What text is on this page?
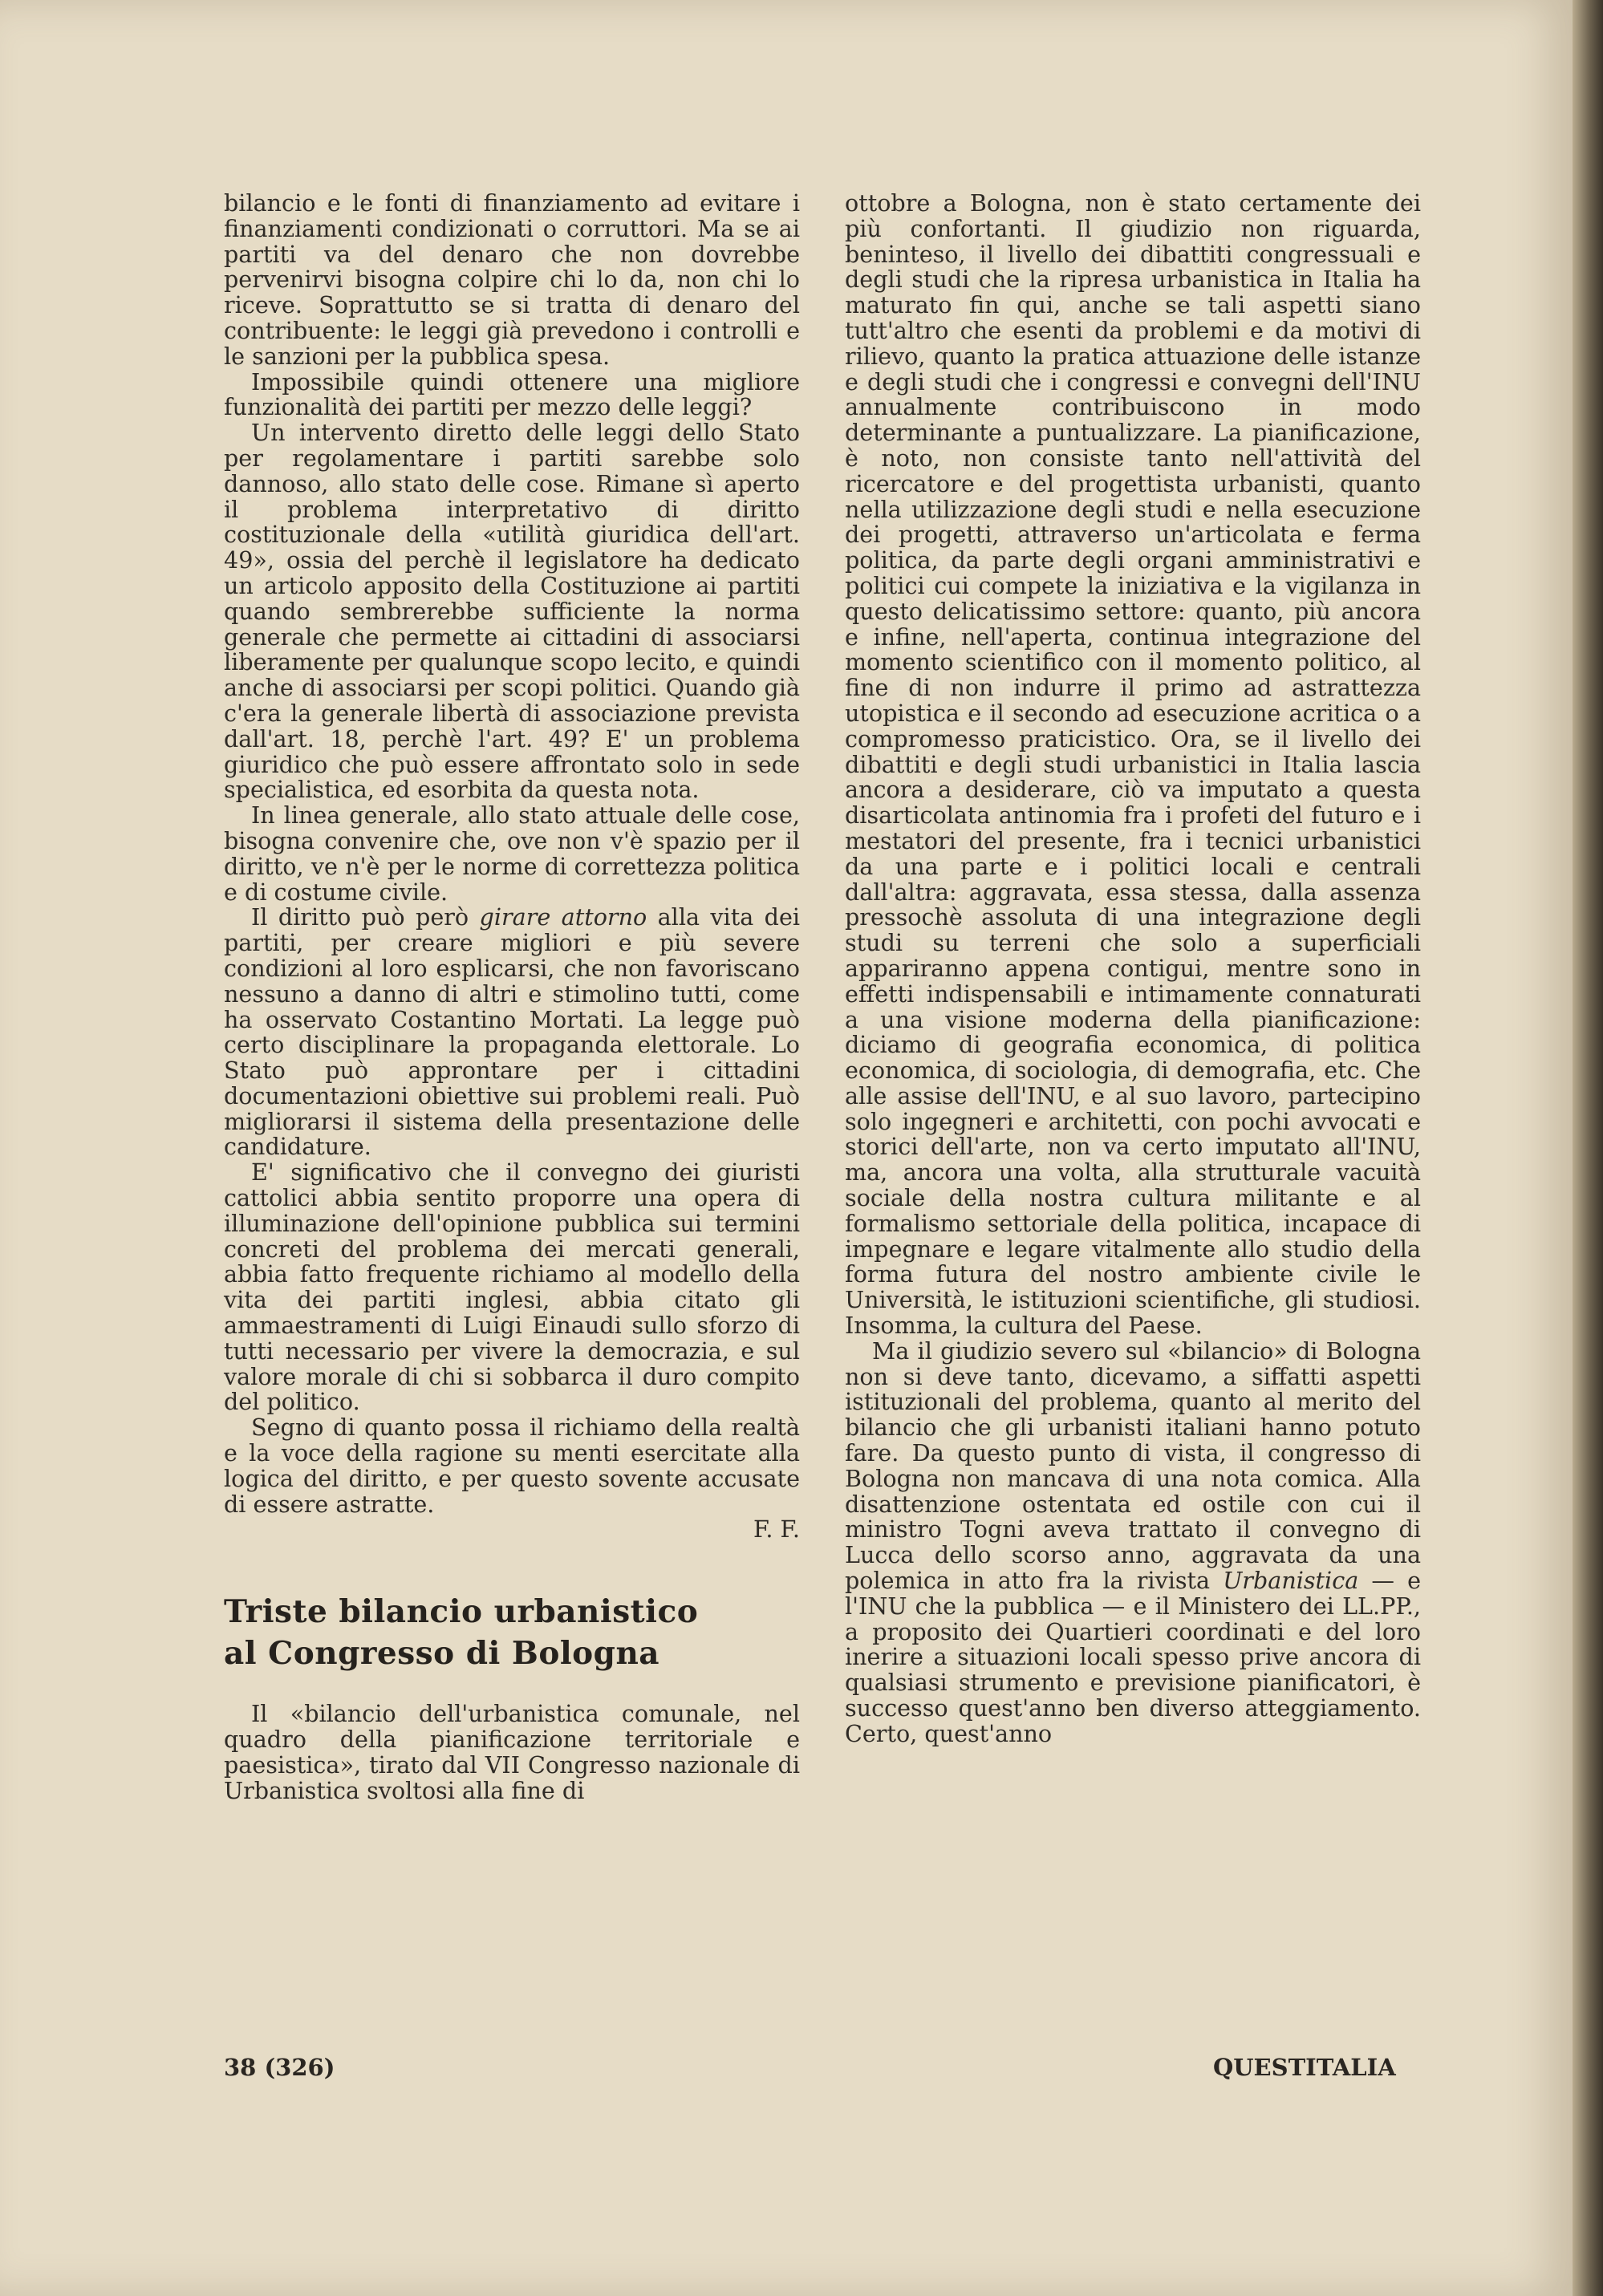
bilancio e le fonti di finanziamento ad evitare i finanziamenti condizionati o corruttori. Ma se ai partiti va del denaro che non dovrebbe pervenirvi bisogna colpire chi lo da, non chi lo riceve. Soprattutto se si tratta di denaro del contribuente: le leggi già prevedono i controlli e le sanzioni per la pubblica spesa.

Impossibile quindi ottenere una migliore funzionalità dei partiti per mezzo delle leggi?

Un intervento diretto delle leggi dello Stato per regolamentare i partiti sarebbe solo dannoso, allo stato delle cose. Rimane sì aperto il problema interpretativo di diritto costituzionale della «utilità giuridica dell'art. 49», ossia del perchè il legislatore ha dedicato un articolo apposito della Costituzione ai partiti quando sembrerebbe sufficiente la norma generale che permette ai cittadini di associarsi liberamente per qualunque scopo lecito, e quindi anche di associarsi per scopi politici. Quando già c'era la generale libertà di associazione prevista dall'art. 18, perchè l'art. 49? E' un problema giuridico che può essere affrontato solo in sede specialistica, ed esorbita da questa nota.

In linea generale, allo stato attuale delle cose, bisogna convenire che, ove non v'è spazio per il diritto, ve n'è per le norme di correttezza politica e di costume civile.

Il diritto può però girare attorno alla vita dei partiti, per creare migliori e più severe condizioni al loro esplicarsi, che non favoriscano nessuno a danno di altri e stimolino tutti, come ha osservato Costantino Mortati. La legge può certo disciplinare la propaganda elettorale. Lo Stato può approntare per i cittadini documentazioni obiettive sui problemi reali. Può migliorarsi il sistema della presentazione delle candidature.

E' significativo che il convegno dei giuristi cattolici abbia sentito proporre una opera di illuminazione dell'opinione pubblica sui termini concreti del problema dei mercati generali, abbia fatto frequente richiamo al modello della vita dei partiti inglesi, abbia citato gli ammaestramenti di Luigi Einaudi sullo sforzo di tutti necessario per vivere la democrazia, e sul valore morale di chi si sobbarca il duro compito del politico.

Segno di quanto possa il richiamo della realtà e la voce della ragione su menti esercitate alla logica del diritto, e per questo sovente accusate di essere astratte.

F. F.

Triste bilancio urbanistico
al Congresso di Bologna

Il «bilancio dell'urbanistica comunale, nel quadro della pianificazione territoriale e paesistica», tirato dal VII Congresso nazionale di Urbanistica svoltosi alla fine di

ottobre a Bologna, non è stato certamente dei più confortanti. Il giudizio non riguarda, beninteso, il livello dei dibattiti congressuali e degli studi che la ripresa urbanistica in Italia ha maturato fin qui, anche se tali aspetti siano tutt'altro che esenti da problemi e da motivi di rilievo, quanto la pratica attuazione delle istanze e degli studi che i congressi e convegni dell'INU annualmente contribuiscono in modo determinante a puntualizzare. La pianificazione, è noto, non consiste tanto nell'attività del ricercatore e del progettista urbanisti, quanto nella utilizzazione degli studi e nella esecuzione dei progetti, attraverso un'articolata e ferma politica, da parte degli organi amministrativi e politici cui compete la iniziativa e la vigilanza in questo delicatissimo settore: quanto, più ancora e infine, nell'aperta, continua integrazione del momento scientifico con il momento politico, al fine di non indurre il primo ad astrattezza utopistica e il secondo ad esecuzione acritica o a compromesso praticistico. Ora, se il livello dei dibattiti e degli studi urbanistici in Italia lascia ancora a desiderare, ciò va imputato a questa disarticolata antinomia fra i profeti del futuro e i mestatori del presente, fra i tecnici urbanistici da una parte e i politici locali e centrali dall'altra: aggravata, essa stessa, dalla assenza pressochè assoluta di una integrazione degli studi su terreni che solo a superficiali appariranno appena contigui, mentre sono in effetti indispensabili e intimamente connaturati a una visione moderna della pianificazione: diciamo di geografia economica, di politica economica, di sociologia, di demografia, etc. Che alle assise dell'INU, e al suo lavoro, partecipino solo ingegneri e architetti, con pochi avvocati e storici dell'arte, non va certo imputato all'INU, ma, ancora una volta, alla strutturale vacuità sociale della nostra cultura militante e al formalismo settoriale della politica, incapace di impegnare e legare vitalmente allo studio della forma futura del nostro ambiente civile le Università, le istituzioni scientifiche, gli studiosi. Insomma, la cultura del Paese.

Ma il giudizio severo sul «bilancio» di Bologna non si deve tanto, dicevamo, a siffatti aspetti istituzionali del problema, quanto al merito del bilancio che gli urbanisti italiani hanno potuto fare. Da questo punto di vista, il congresso di Bologna non mancava di una nota comica. Alla disattenzione ostentata ed ostile con cui il ministro Togni aveva trattato il convegno di Lucca dello scorso anno, aggravata da una polemica in atto fra la rivista Urbanistica — e l'INU che la pubblica — e il Ministero dei LL.PP., a proposito dei Quartieri coordinati e del loro inerire a situazioni locali spesso prive ancora di qualsiasi strumento e previsione pianificatori, è successo quest'anno ben diverso atteggiamento. Certo, quest'anno

38 (326)	QUESTITALIA
